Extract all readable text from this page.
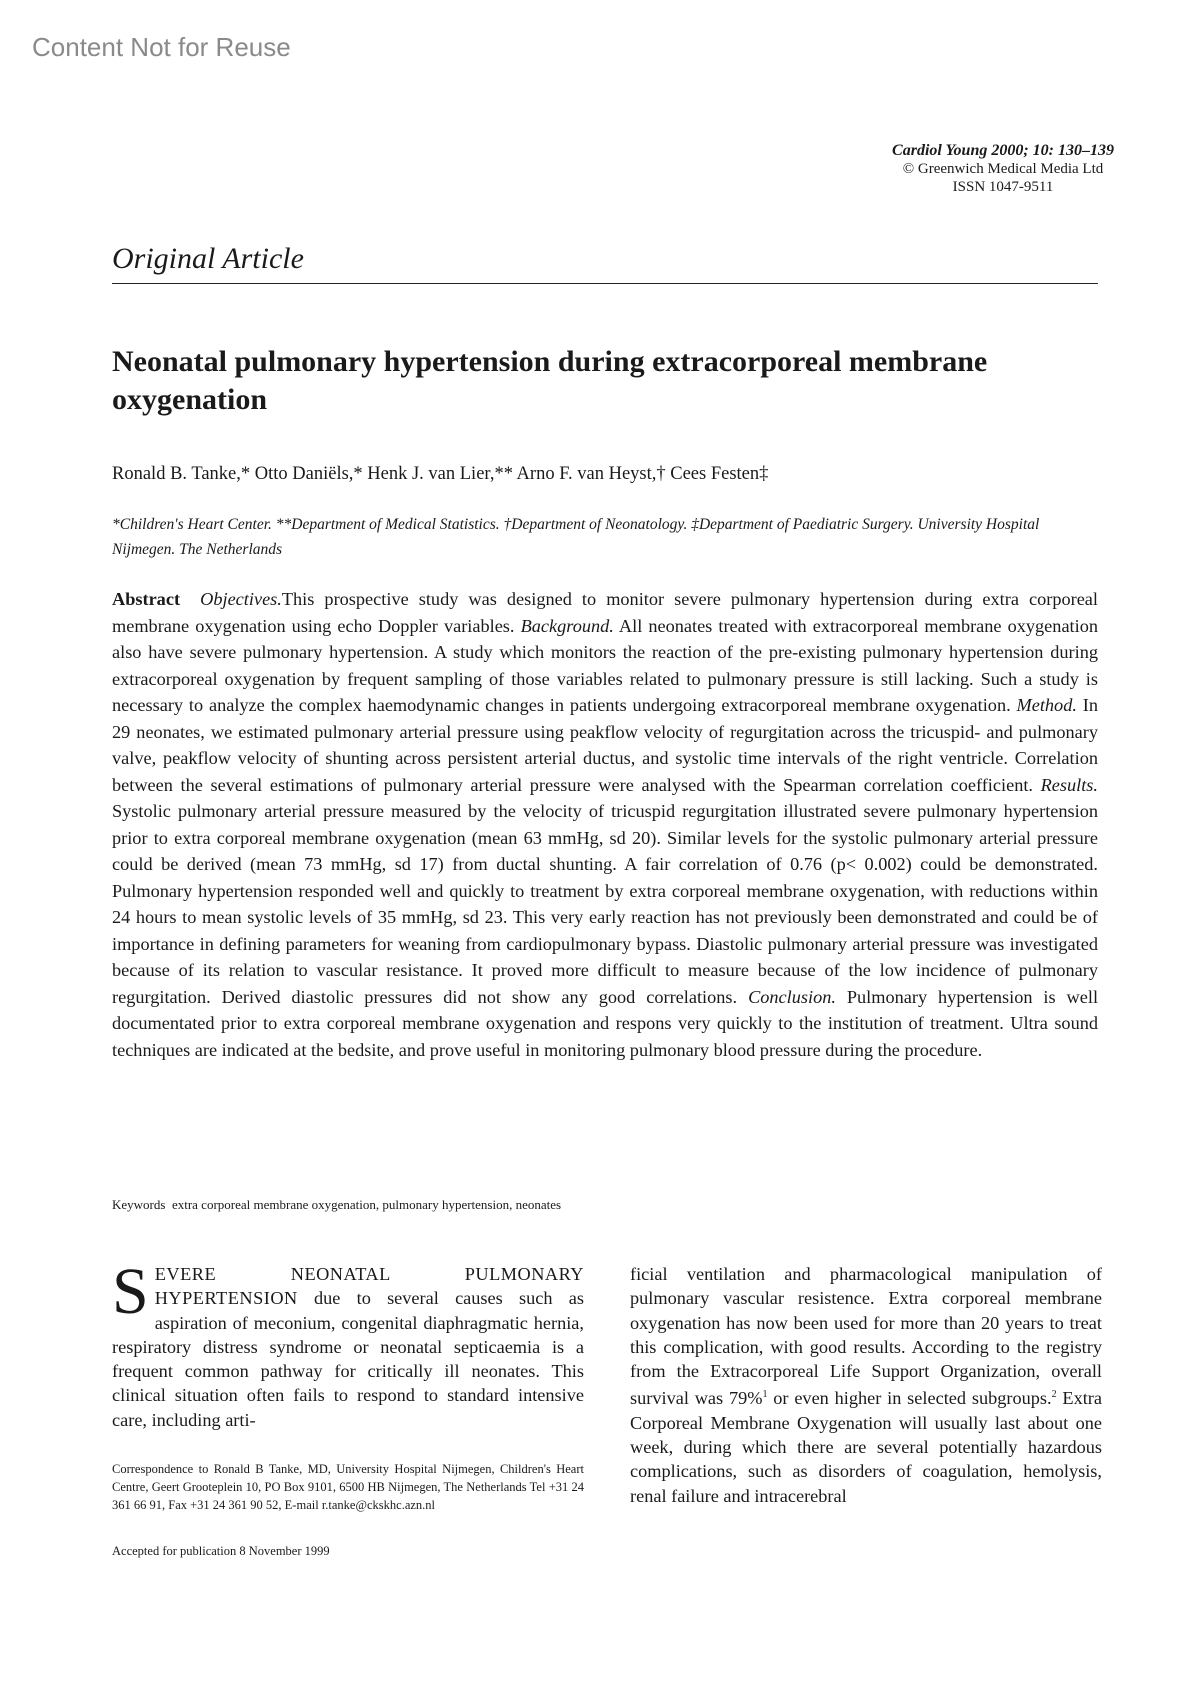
Content Not for Reuse
Cardiol Young 2000; 10: 130–139
© Greenwich Medical Media Ltd
ISSN 1047-9511
Original Article
Neonatal pulmonary hypertension during extracorporeal membrane oxygenation
Ronald B. Tanke,* Otto Daniëls,* Henk J. van Lier,** Arno F. van Heyst,† Cees Festen‡
*Children's Heart Center. **Department of Medical Statistics. †Department of Neonatology. ‡Department of Paediatric Surgery. University Hospital Nijmegen. The Netherlands
Abstract Objectives.This prospective study was designed to monitor severe pulmonary hypertension during extra corporeal membrane oxygenation using echo Doppler variables. Background. All neonates treated with extracorporeal membrane oxygenation also have severe pulmonary hypertension. A study which monitors the reaction of the pre-existing pulmonary hypertension during extracorporeal oxygenation by frequent sampling of those variables related to pulmonary pressure is still lacking. Such a study is necessary to analyze the complex haemodynamic changes in patients undergoing extracorporeal membrane oxygenation. Method. In 29 neonates, we estimated pulmonary arterial pressure using peakflow velocity of regurgitation across the tricuspid- and pulmonary valve, peakflow velocity of shunting across persistent arterial ductus, and systolic time intervals of the right ventricle. Correlation between the several estimations of pulmonary arterial pressure were analysed with the Spearman correlation coefficient. Results. Systolic pulmonary arterial pressure measured by the velocity of tricuspid regurgitation illustrated severe pulmonary hypertension prior to extra corporeal membrane oxygenation (mean 63 mmHg, sd 20). Similar levels for the systolic pulmonary arterial pressure could be derived (mean 73 mmHg, sd 17) from ductal shunting. A fair correlation of 0.76 (p< 0.002) could be demonstrated. Pulmonary hypertension responded well and quickly to treatment by extra corporeal membrane oxygenation, with reductions within 24 hours to mean systolic levels of 35 mmHg, sd 23. This very early reaction has not previously been demonstrated and could be of importance in defining parameters for weaning from cardiopulmonary bypass. Diastolic pulmonary arterial pressure was investigated because of its relation to vascular resistance. It proved more difficult to measure because of the low incidence of pulmonary regurgitation. Derived diastolic pressures did not show any good correlations. Conclusion. Pulmonary hypertension is well documentated prior to extra corporeal membrane oxygenation and respons very quickly to the institution of treatment. Ultra sound techniques are indicated at the bedsite, and prove useful in monitoring pulmonary blood pressure during the procedure.
Keywords extra corporeal membrane oxygenation, pulmonary hypertension, neonates
SEVERE NEONATAL PULMONARY HYPERTENSION due to several causes such as aspiration of meconium, congenital diaphragmatic hernia, respiratory distress syndrome or neonatal septicaemia is a frequent common pathway for critically ill neonates. This clinical situation often fails to respond to standard intensive care, including arti-
ficial ventilation and pharmacological manipulation of pulmonary vascular resistence. Extra corporeal membrane oxygenation has now been used for more than 20 years to treat this complication, with good results. According to the registry from the Extracorporeal Life Support Organization, overall survival was 79%$^1$ or even higher in selected subgroups.$^2$ Extra Corporeal Membrane Oxygenation will usually last about one week, during which there are several potentially hazardous complications, such as disorders of coagulation, hemolysis, renal failure and intracerebral
Correspondence to Ronald B Tanke, MD, University Hospital Nijmegen, Children's Heart Centre, Geert Grooteplein 10, PO Box 9101, 6500 HB Nijmegen, The Netherlands Tel +31 24 361 66 91, Fax +31 24 361 90 52, E-mail r.tanke@ckskhc.azn.nl
Accepted for publication 8 November 1999
